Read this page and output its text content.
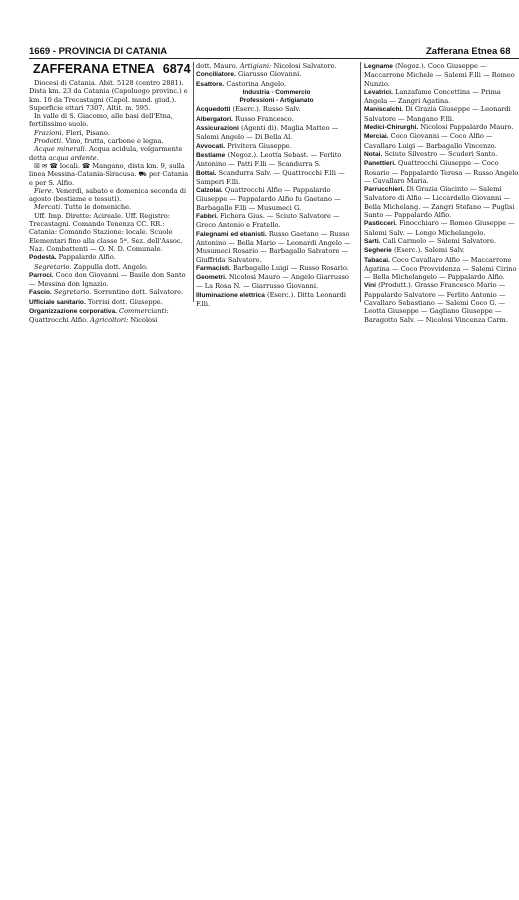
1669 - PROVINCIA DI CATANIA	Zafferana Etnea 68
ZAFFERANA ETNEA 6874

Diocesi di Catania. Abit. 5128 (centro 2881). Dista km. 23 da Catania (Capoluogo provinc.) e km. 10 da Trecastagni (Capol. mand. giud.). Superficie ettari 7307. Altit. m. 595.

In valle di S. Giacomo, alle basi dell'Etna, fertilissimo suolo.

Frazioni. Fleri, Pisano.

Prodotti. Vino, frutta, carbone e legna.

Acque minerali. Acqua acidula, volgarmente detta acqua ardente.

☒ ✉ ☎ locali. ☎ Mangano, dista km. 9, sulla linea Messina-Catania-Siracusa. ⛟ per Catania e per S. Alfio.

Fiere. Venerdì, sabato e domenica seconda di agosto (bestiame e tessuti).

Mercati. Tutte le domeniche.

Uff. Imp. Dirette: Acireale. Uff. Registro: Trecastagni. Comando Tenenza CC. RR.: Catania: Comando Stazione: locale. Scuole Elementari fino alla classe 5ª. Sez. dell'Assoc. Naz. Combattenti — O. N. D. Comunale.

Podestà. Pappalardo Alfio.

Segretario. Zappulla dott. Angelo.

Parroci. Coco don Giovanni — Basile don Santo — Messina don Ignazio.

Fascio. Segretario. Sorrentino dott. Salvatore.

Ufficiale sanitario. Torrisi dott. Giuseppe.

Organizzazione corporativa. Commercianti: Quattrocchi Alfio. Agricoltori: Nicolosi

dott. Mauro. Artigiani: Nicolosi Salvatore.

Conciliatore. Giarusso Giovanni.

Esattore. Castorina Angelo.

Industria - Commercio

Professioni - Artigianato

Acquedotti (Eserc.). Russo Salv.

Albergatori. Russo Francesco.

Assicurazioni (Agenti di). Maglia Matteo — Salemi Angelo — Di Bella Al.

Avvocati. Privitera Giuseppe.

Bestiame (Negoz.). Leotta Sebast. — Ferlito Antonino — Patti F.lli — Scandurra S.

Bottai. Scandurra Salv. — Quattrocchi F.lli — Samperi F.lli.

Calzolai. Quattrocchi Alfio — Pappalardo Giuseppe — Pappalardo Alfio fu Gaetano — Barbagallo F.lli — Musumeci G.

Fabbri. Fichera Gius. — Sciuto Salvatore — Greco Antonio e Fratello.

Falegnami ed ebanisti. Russo Gaetano — Russo Antonino — Bella Mario — Leonardi Angelo — Musumeci Rosario — Barbagallo Salvatore — Giuffrida Salvatore.

Farmacisti. Barbagallo Luigi — Russo Rosario.

Geometri. Nicolosi Mauro — Angelo Giarrusso — La Rosa N. — Giarrusso Giovanni.

Illuminazione elettrica (Eserc.). Ditta Leonardi F.lli.

Legname (Negoz.). Coco Giuseppe — Maccarrone Michele — Salemi F.lli — Romeo Nunzio.

Levatrici. Lanzafame Concettina — Prima Angela — Zangri Agatina.

Maniscalchi. Di Grazia Giuseppe — Leonardi Salvatore — Mangano F.lli.

Medici-Chirurghi. Nicolosi Pappalardo Mauro.

Merciai. Coco Giovanni — Coco Alfio — Cavallaro Luigi — Barbagallo Vincenzo.

Notai. Sciuto Silvestro — Scuderi Santo.

Panettieri. Quattrocchi Giuseppe — Coco Rosario — Pappalardo Teresa — Russo Angelo — Cavallaro Maria.

Parrucchieri. Di Grazia Giacinto — Salemi Salvatore di Alfio — Liccardello Giovanni — Bella Michelang. — Zangri Stefano — Puglisi Santo — Pappalardo Alfio.

Pasticceri. Finocchiaro — Romeo Giuseppe — Salemi Salv. — Longo Michelangelo.

Sarti. Calì Carmelo — Salemi Salvatore.

Segherie (Eserc.). Salemi Salv.

Tabacai. Coco Cavallaro Alfio — Maccarrone Agatina — Coco Provvidenza — Salemi Cirino — Bella Michelangelo — Pappalardo Alfio.

Vini (Produtt.). Grasso Francesco Mario — Pappalardo Salvatore — Ferlito Antonio — Cavallaro Sebastiano — Salemi Coco G. — Leotta Giuseppe — Gagliano Giuseppe — Baragotto Salv. — Nicolosi Vincenza Carm.
